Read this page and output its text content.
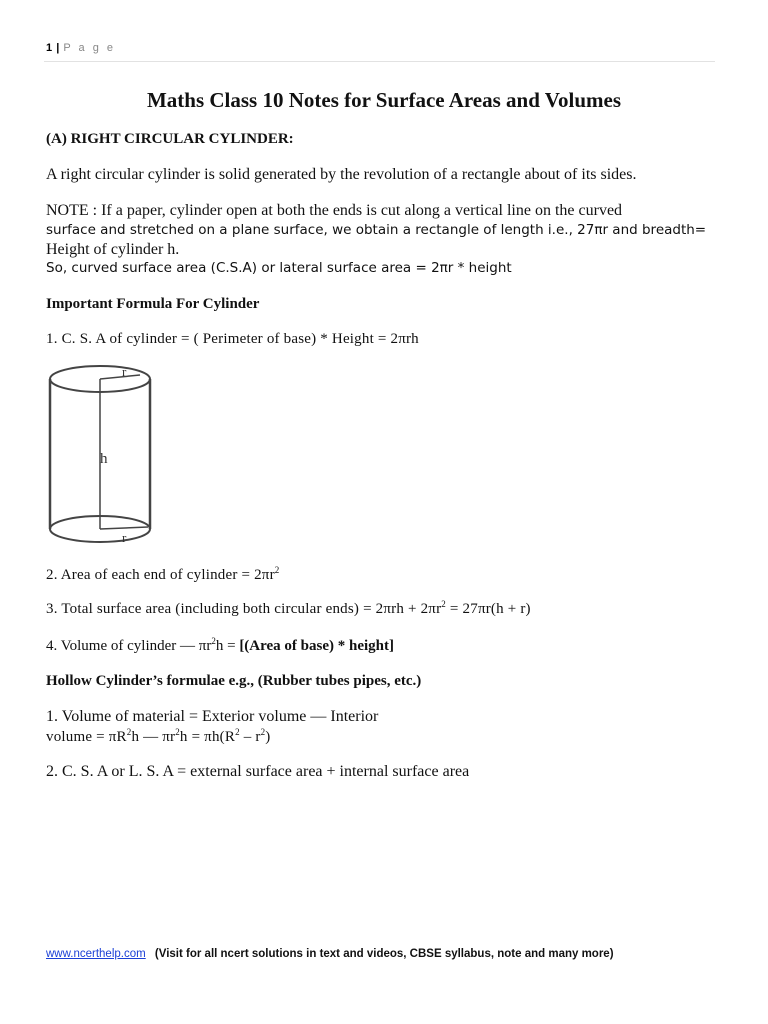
1 | P a g e
Maths Class 10 Notes for Surface Areas and Volumes
(A) RIGHT CIRCULAR CYLINDER:
A right circular cylinder is solid generated by the revolution of a rectangle about of its sides.
NOTE : If a paper, cylinder open at both the ends is cut along a vertical line on the curved
surface and stretched on a plane surface, we obtain a rectangle of length i.e., 27πr and breadth=
Height of cylinder h.
So, curved surface area (C.S.A) or lateral surface area = 2πr * height
Important Formula For Cylinder
1. C. S. A of cylinder = ( Perimeter of base) * Height = 2πrh
r
h
r
2. Area of each end of cylinder = $2\pi r^2$
3. Total surface area (including both circular ends) = $2\pi rh + 2\pi r^2 = 27\pi r(h + r)$
4. Volume of cylinder — $\pi r^2h$ = [(Area of base) * height]
Hollow Cylinder’s formulae e.g., (Rubber tubes pipes, etc.)
1. Volume of material = Exterior volume — Interior
volume = $\pi R^2h$ — $\pi r^2h = \pi h(R^2 - r^2)$
2. C. S. A or L. S. A = external surface area + internal surface area
www.ncerthelp.com (Visit for all ncert solutions in text and videos, CBSE syllabus, note and many more)
